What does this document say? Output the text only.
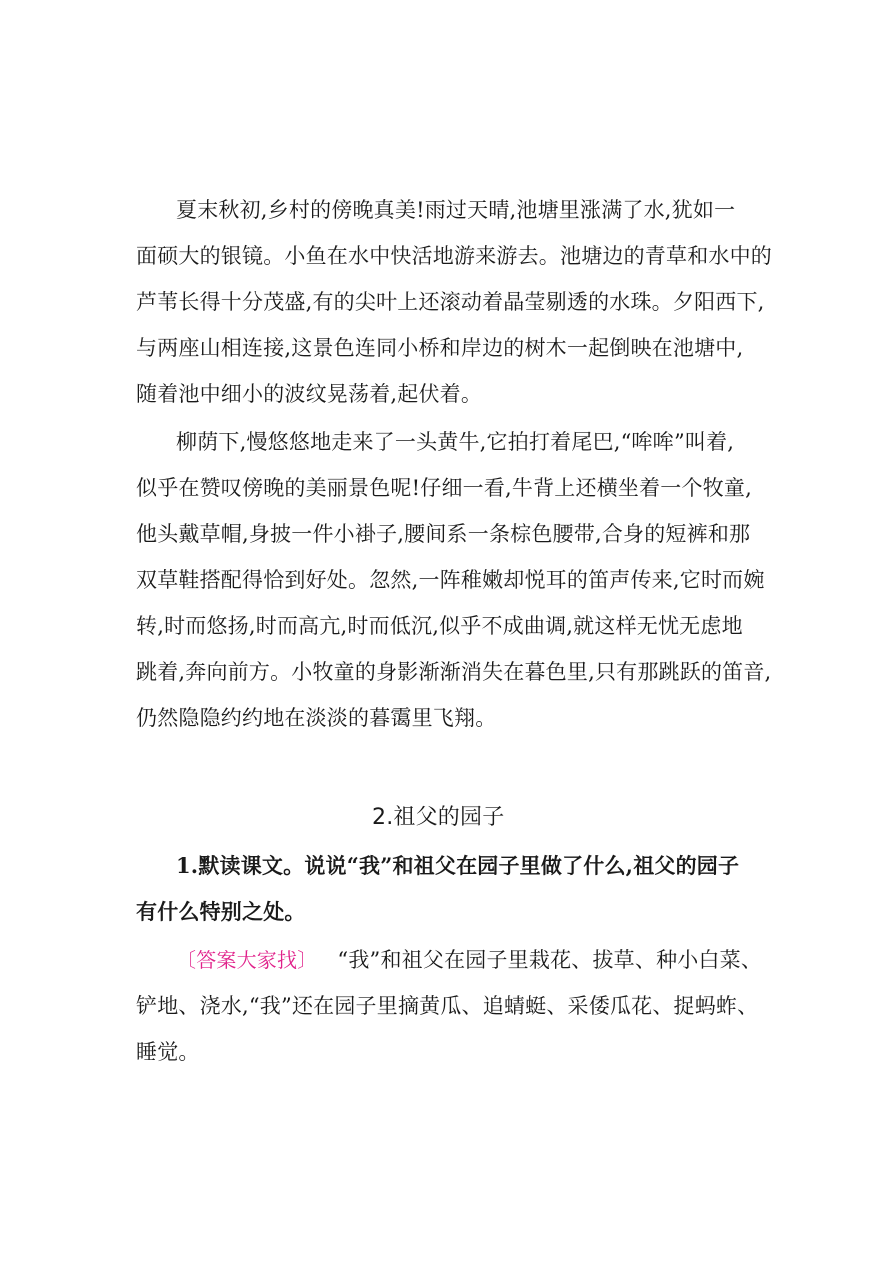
夏末秋初,乡村的傍晚真美!雨过天晴,池塘里涨满了水,犹如一
面硕大的银镜。小鱼在水中快活地游来游去。池塘边的青草和水中的
芦苇长得十分茂盛,有的尖叶上还滚动着晶莹剔透的水珠。夕阳西下,
与两座山相连接,这景色连同小桥和岸边的树木一起倒映在池塘中,
随着池中细小的波纹晃荡着,起伏着。
柳荫下,慢悠悠地走来了一头黄牛,它拍打着尾巴,“哞哞”叫着,
似乎在赞叹傍晚的美丽景色呢!仔细一看,牛背上还横坐着一个牧童,
他头戴草帽,身披一件小褂子,腰间系一条棕色腰带,合身的短裤和那
双草鞋搭配得恰到好处。忽然,一阵稚嫩却悦耳的笛声传来,它时而婉
转,时而悠扬,时而高亢,时而低沉,似乎不成曲调,就这样无忧无虑地
跳着,奔向前方。小牧童的身影渐渐消失在暮色里,只有那跳跃的笛音,
仍然隐隐约约地在淡淡的暮霭里飞翔。
2.祖父的园子
1.默读课文。说说“我”和祖父在园子里做了什么,祖父的园子
有什么特别之处。
〔答案大家找〕 “我”和祖父在园子里栽花、拔草、种小白菜、
铲地、浇水,“我”还在园子里摘黄瓜、追蜻蜓、采倭瓜花、捉蚂蚱、
睡觉。
